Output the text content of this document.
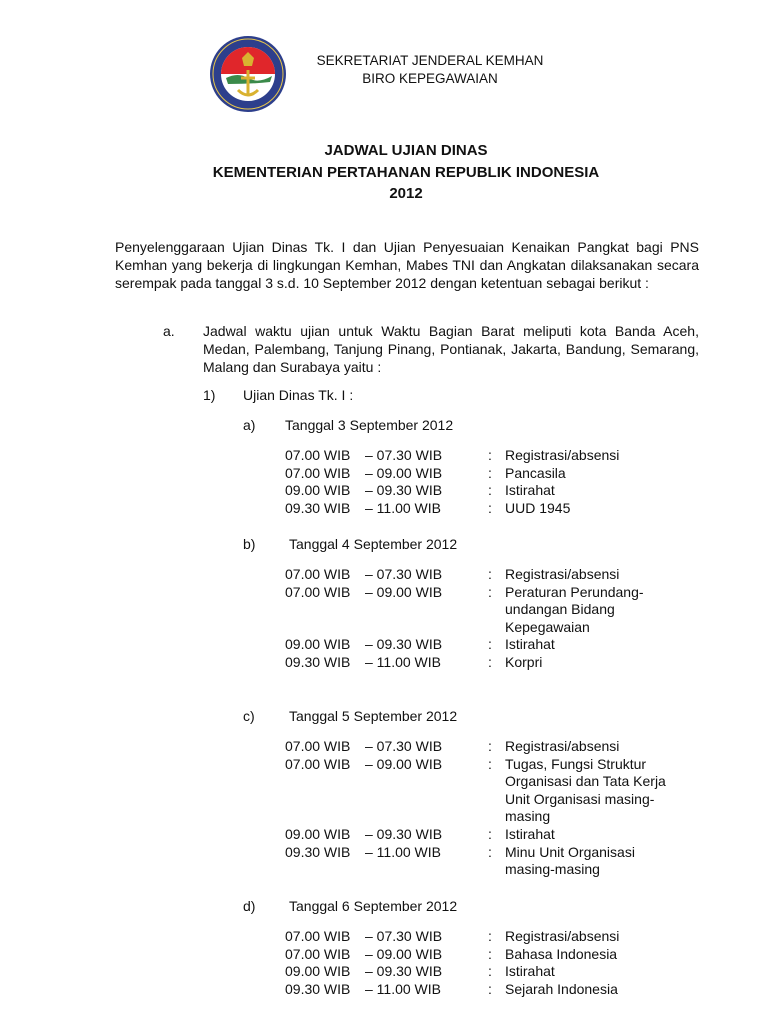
SEKRETARIAT JENDERAL KEMHAN
BIRO KEPEGAWAIAN
JADWAL UJIAN DINAS
KEMENTERIAN PERTAHANAN REPUBLIK INDONESIA
2012
Penyelenggaraan Ujian Dinas Tk. I dan Ujian Penyesuaian Kenaikan Pangkat bagi PNS Kemhan yang bekerja di lingkungan Kemhan, Mabes TNI dan Angkatan dilaksanakan secara serempak pada tanggal 3 s.d. 10 September 2012 dengan ketentuan sebagai berikut :
a. Jadwal waktu ujian untuk Waktu Bagian Barat meliputi kota Banda Aceh, Medan, Palembang, Tanjung Pinang, Pontianak, Jakarta, Bandung, Semarang, Malang dan Surabaya yaitu :
1) Ujian Dinas Tk. I :
a) Tanggal 3 September 2012
07.00 WIB – 07.30 WIB	: Registrasi/absensi
07.00 WIB – 09.00 WIB	: Pancasila
09.00 WIB – 09.30 WIB	: Istirahat
09.30 WIB – 11.00 WIB	: UUD 1945
b) Tanggal 4 September 2012
07.00 WIB – 07.30 WIB	: Registrasi/absensi
07.00 WIB – 09.00 WIB	: Peraturan Perundang-
undangan Bidang
Kepegawaian
09.00 WIB – 09.30 WIB	: Istirahat
09.30 WIB – 11.00 WIB	: Korpri
c) Tanggal 5 September 2012
07.00 WIB – 07.30 WIB	: Registrasi/absensi
07.00 WIB – 09.00 WIB	: Tugas, Fungsi Struktur
Organisasi dan Tata Kerja
Unit Organisasi masing-
masing
09.00 WIB – 09.30 WIB	: Istirahat
09.30 WIB – 11.00 WIB	: Minu Unit Organisasi
masing-masing
d) Tanggal 6 September 2012
07.00 WIB – 07.30 WIB	: Registrasi/absensi
07.00 WIB – 09.00 WIB	: Bahasa Indonesia
09.00 WIB – 09.30 WIB	: Istirahat
09.30 WIB – 11.00 WIB	: Sejarah Indonesia
